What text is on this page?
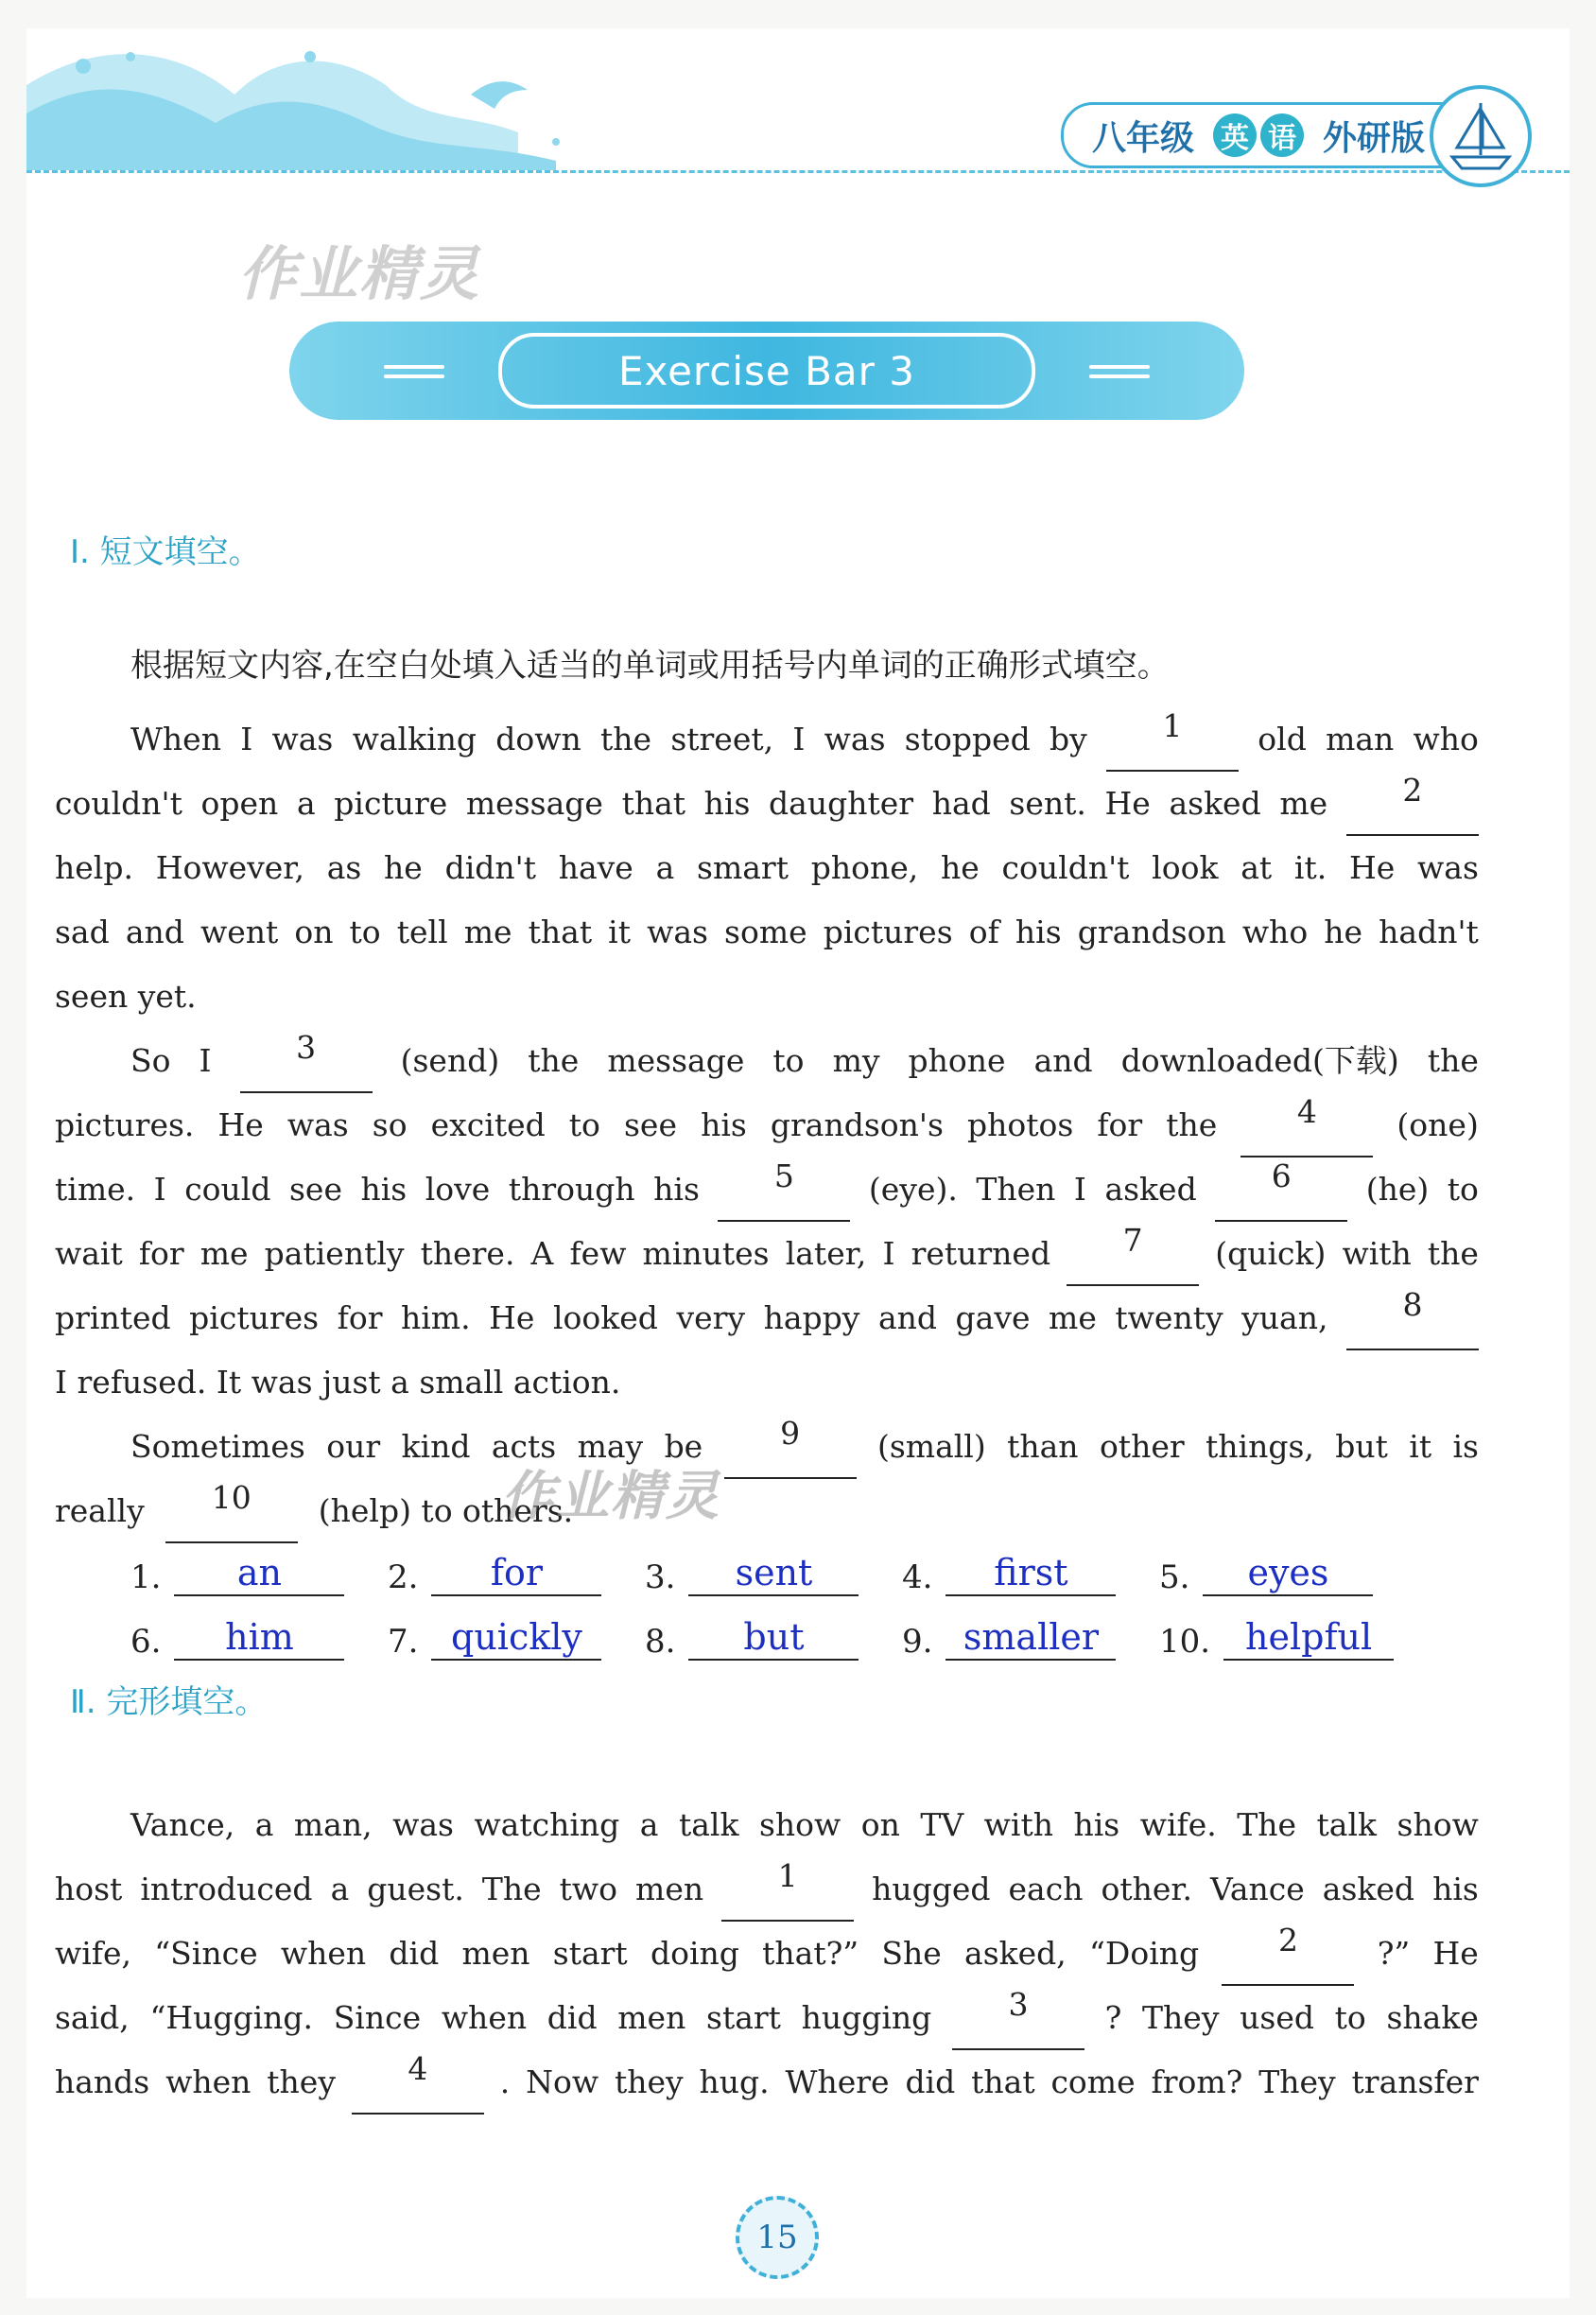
八年级 英 语 外研版
作业精灵
Exercise Bar 3
Ⅰ. 短文填空。
根据短文内容,在空白处填入适当的单词或用括号内单词的正确形式填空。
When I was walking down the street, I was stopped by	1	old man who
couldn't open a picture message that his daughter had sent. He asked me	2
help. However, as he didn't have a smart phone, he couldn't look at it. He was
sad and went on to tell me that it was some pictures of his grandson who he hadn't
seen yet.
So I	3	(send) the message to my phone and downloaded(下载) the
pictures. He was so excited to see his grandson's photos for the	4	(one)
time. I could see his love through his	5	(eye). Then I asked	6	(he) to
wait for me patiently there. A few minutes later, I returned	7	(quick) with the
printed pictures for him. He looked very happy and gave me twenty yuan,	8
I refused. It was just a small action.
Sometimes our kind acts may be	9	(small) than other things, but it is
really	10	(help) to others.
作业精灵
1.	an	2.	for	3.	sent	4.	first	5.	eyes
6.	him	7. quickly	8.	but	9. smaller	10. helpful
Ⅱ. 完形填空。
Vance, a man, was watching a talk show on TV with his wife. The talk show
host introduced a guest. The two men	1	hugged each other. Vance asked his
wife, “Since when did men start doing that?” She asked, “Doing	2	?” He
said, “Hugging. Since when did men start hugging	3	? They used to shake
hands when they	4	. Now they hug. Where did that come from? They transfer
15
